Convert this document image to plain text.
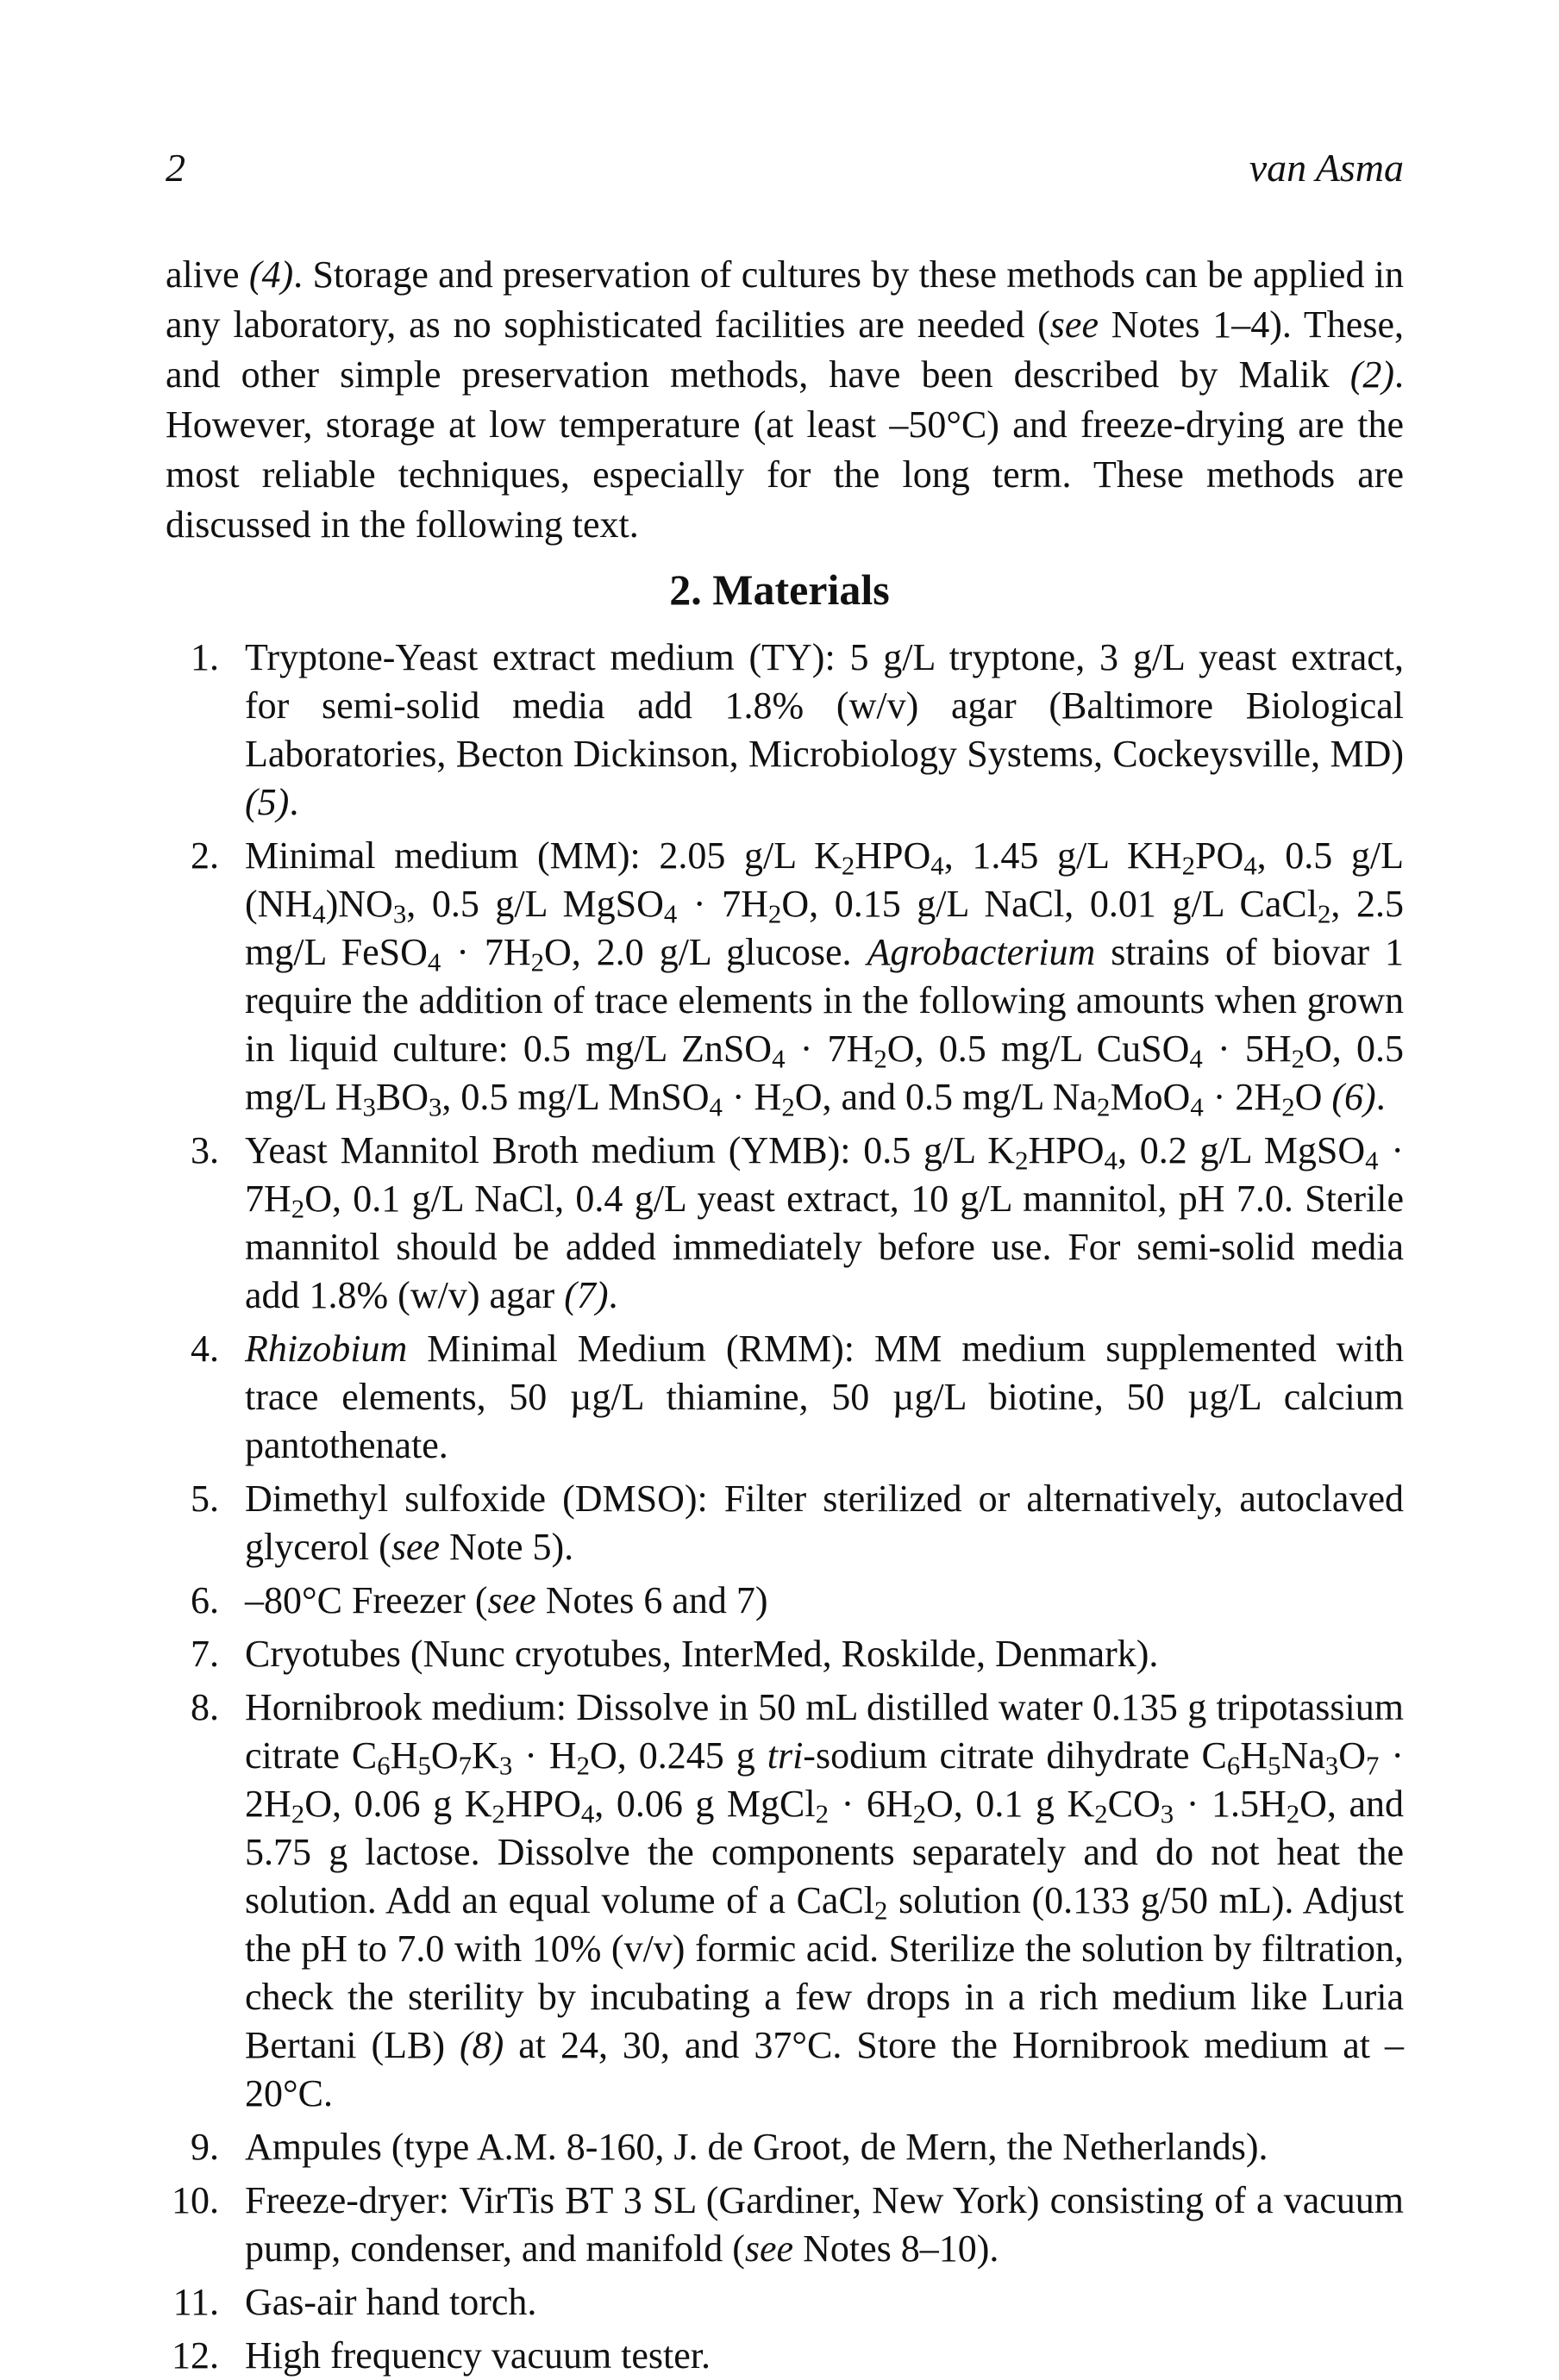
2	van Asma

alive (4). Storage and preservation of cultures by these methods can be applied in any laboratory, as no sophisticated facilities are needed (see Notes 1–4). These, and other simple preservation methods, have been described by Malik (2). However, storage at low temperature (at least –50°C) and freeze-drying are the most reliable techniques, especially for the long term. These methods are discussed in the following text.

2. Materials
1. Tryptone-Yeast extract medium (TY): 5 g/L tryptone, 3 g/L yeast extract, for semi-solid media add 1.8% (w/v) agar (Baltimore Biological Laboratories, Becton Dickinson, Microbiology Systems, Cockeysville, MD) (5).
2. Minimal medium (MM): 2.05 g/L $K_2HPO_4$, 1.45 g/L $KH_2PO_4$, 0.5 g/L $(NH_4)NO_3$, 0.5 g/L MgSO$_4$ · $7H_2O$, 0.15 g/L NaCl, 0.01 g/L CaCl$_2$, 2.5 mg/L FeSO$_4$ · $7H_2O$, 2.0 g/L glucose. Agrobacterium strains of biovar 1 require the addition of trace elements in the following amounts when grown in liquid culture: 0.5 mg/L ZnSO$_4$ · $7H_2O$, 0.5 mg/L CuSO$_4$ · $5H_2O$, 0.5 mg/L $H_3BO_3$, 0.5 mg/L MnSO$_4$ · $H_2O$, and 0.5 mg/L $Na_2MoO_4 \cdot 2H_2O$ (6).
3. Yeast Mannitol Broth medium (YMB): 0.5 g/L $K_2HPO_4$, 0.2 g/L MgSO$_4$ · $7H_2O$, 0.1 g/L NaCl, 0.4 g/L yeast extract, 10 g/L mannitol, pH 7.0. Sterile mannitol should be added immediately before use. For semi-solid media add 1.8% (w/v) agar (7).
4. Rhizobium Minimal Medium (RMM): MM medium supplemented with trace elements, 50 µg/L thiamine, 50 µg/L biotine, 50 µg/L calcium pantothenate.
5. Dimethyl sulfoxide (DMSO): Filter sterilized or alternatively, autoclaved glycerol (see Note 5).
6. –80°C Freezer (see Notes 6 and 7)
7. Cryotubes (Nunc cryotubes, InterMed, Roskilde, Denmark).
8. Hornibrook medium: Dissolve in 50 mL distilled water 0.135 g tripotassium citrate $C_6H_5O_7K_3 \cdot H_2O$, 0.245 g tri-sodium citrate dihydrate $C_6H_5Na_3O_7 \cdot 2H_2O$, 0.06 g $K_2HPO_4$, 0.06 g MgCl$_2$ · $6H_2O$, 0.1 g $K_2CO_3 \cdot 1.5H_2O$, and 5.75 g lactose. Dissolve the components separately and do not heat the solution. Add an equal volume of a CaCl$_2$ solution (0.133 g/50 mL). Adjust the pH to 7.0 with 10% (v/v) formic acid. Sterilize the solution by filtration, check the sterility by incubating a few drops in a rich medium like Luria Bertani (LB) (8) at 24, 30, and 37°C. Store the Hornibrook medium at –20°C.
9. Ampules (type A.M. 8-160, J. de Groot, de Mern, the Netherlands).
10. Freeze-dryer: VirTis BT 3 SL (Gardiner, New York) consisting of a vacuum pump, condenser, and manifold (see Notes 8–10).
11. Gas-air hand torch.
12. High frequency vacuum tester.
